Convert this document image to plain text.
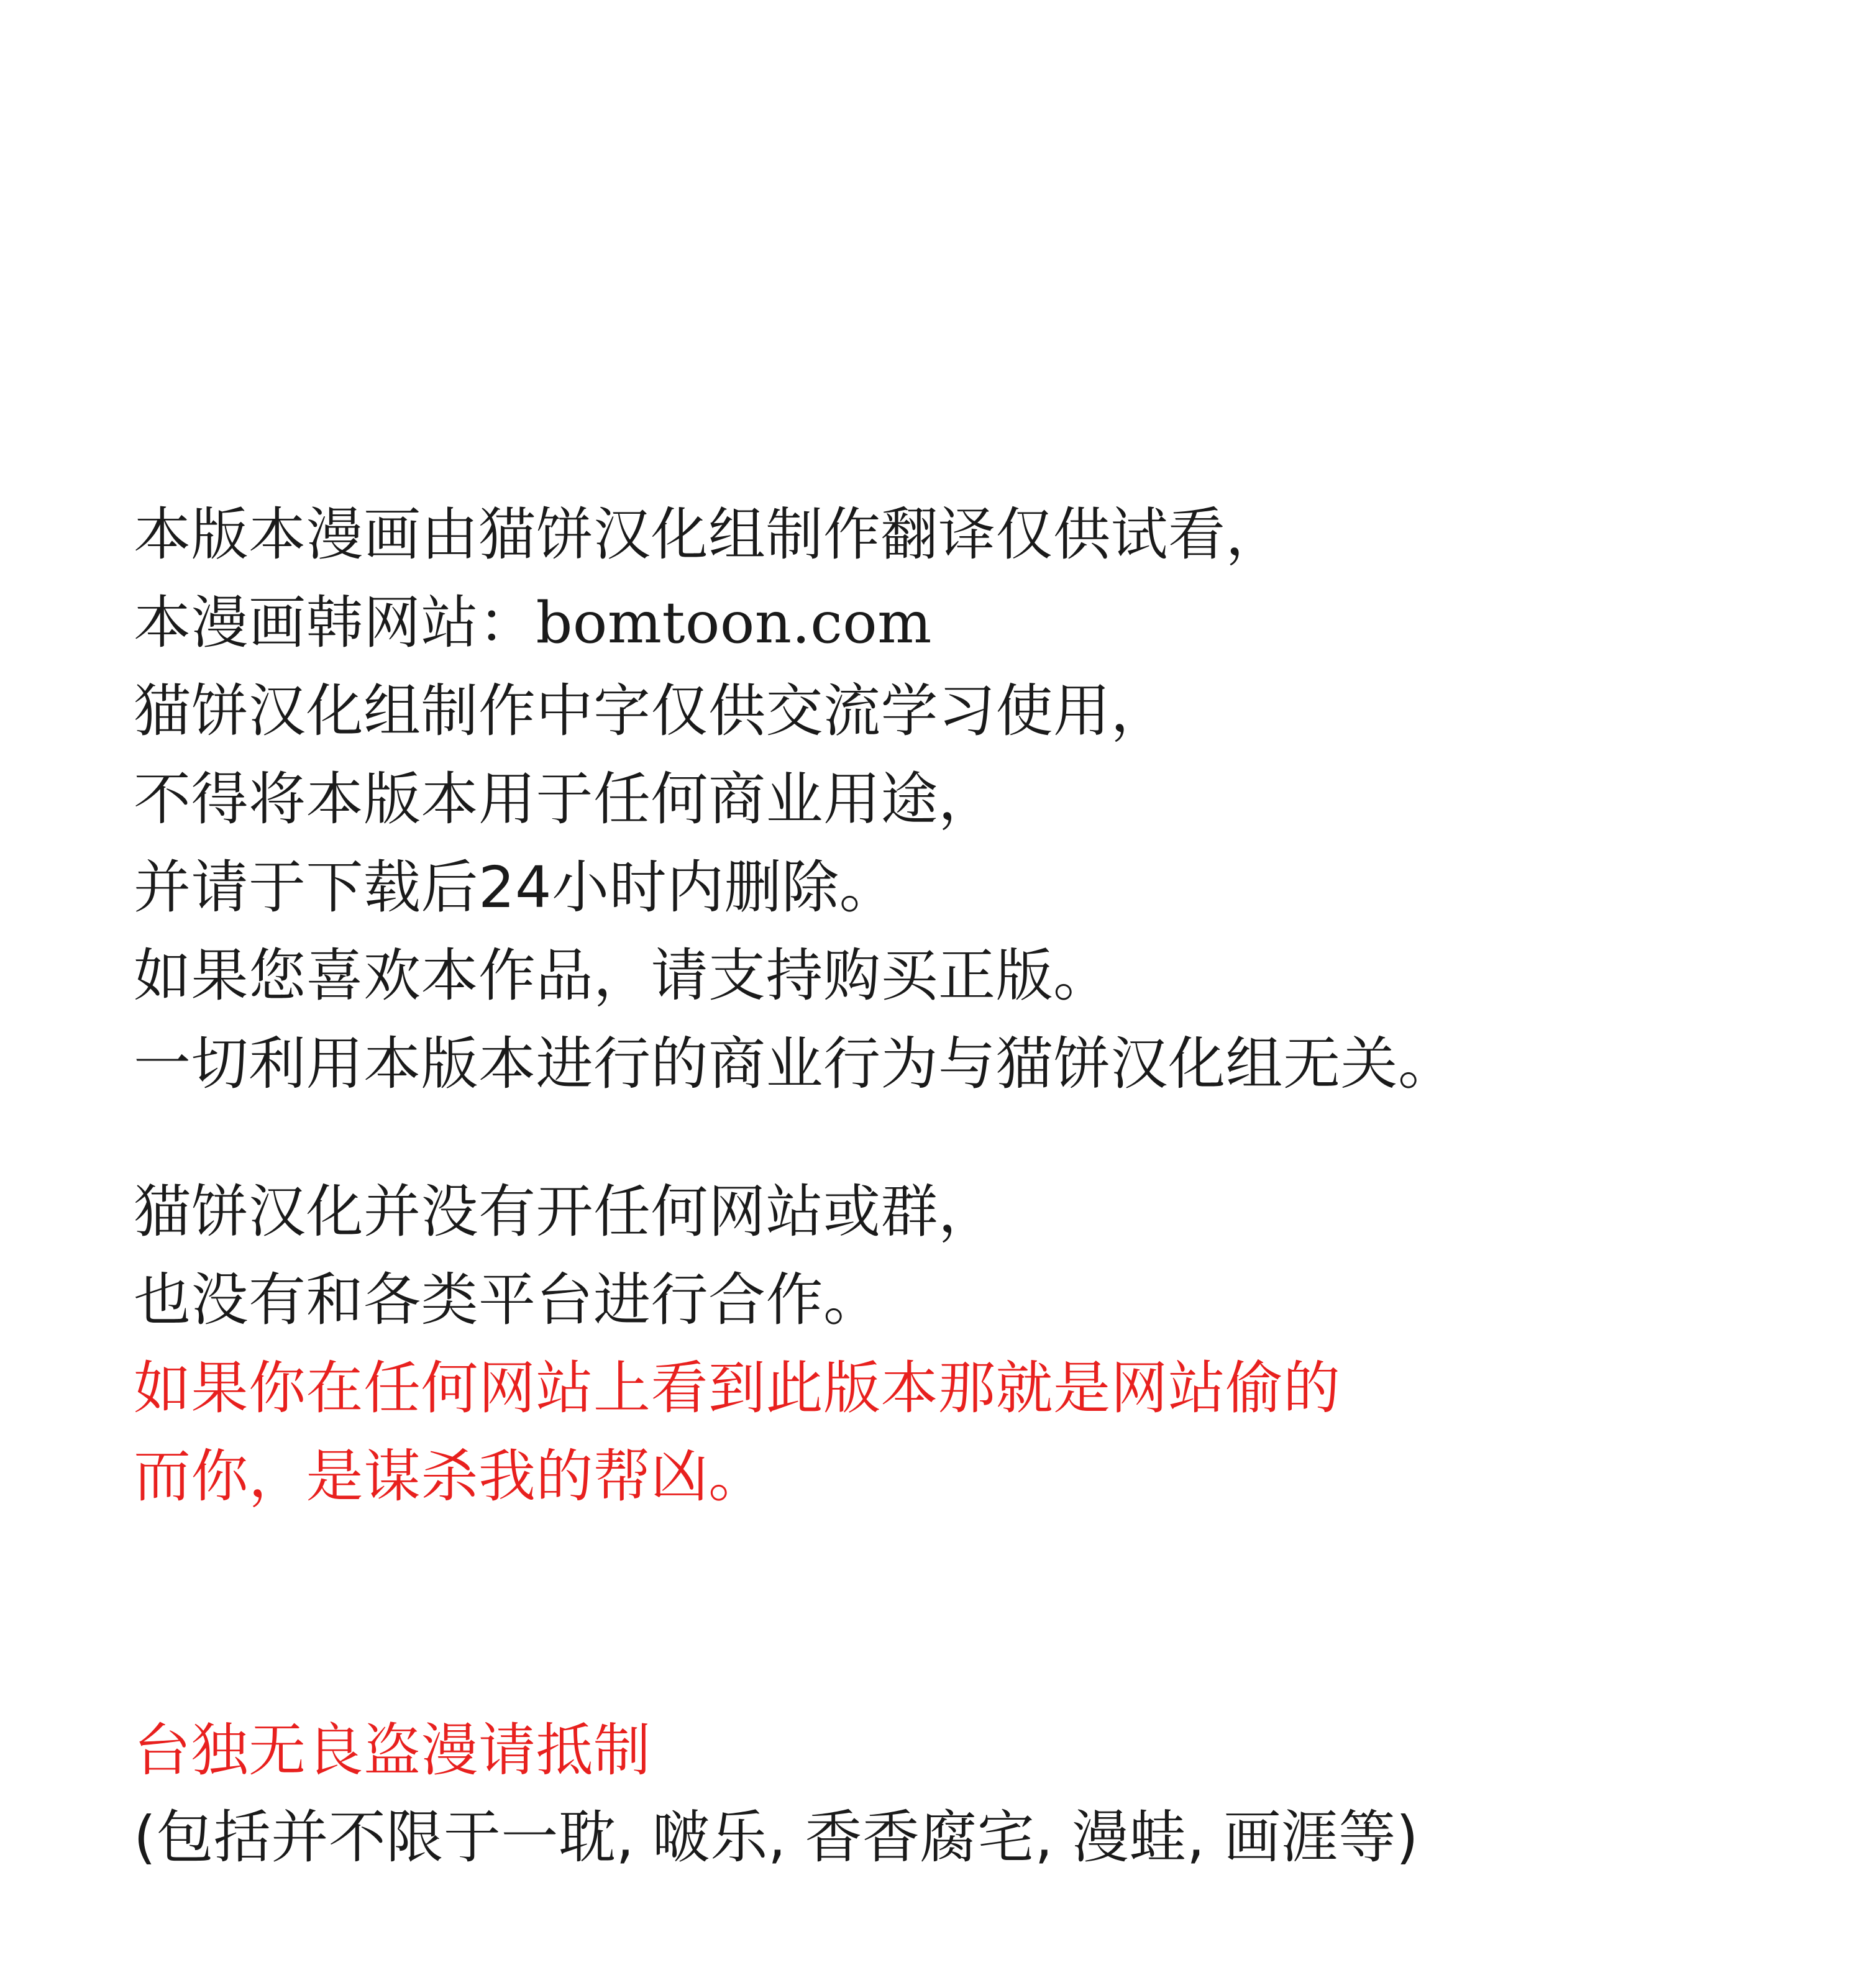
本版本漫画由猫饼汉化组制作翻译仅供试看，
本漫画韩网站：bomtoon.com
猫饼汉化组制作中字仅供交流学习使用，
不得将本版本用于任何商业用途，
并请于下载后24小时内删除。
如果您喜欢本作品，请支持购买正版。
一切利用本版本进行的商业行为与猫饼汉化组无关。
猫饼汉化并没有开任何网站或群，
也没有和各类平台进行合作。
如果你在任何网站上看到此版本那就是网站偷的
而你，是谋杀我的帮凶。
台独无良盗漫请抵制
(包括并不限于一耽, 啵乐, 香香腐宅, 漫蛙, 画涯等)
